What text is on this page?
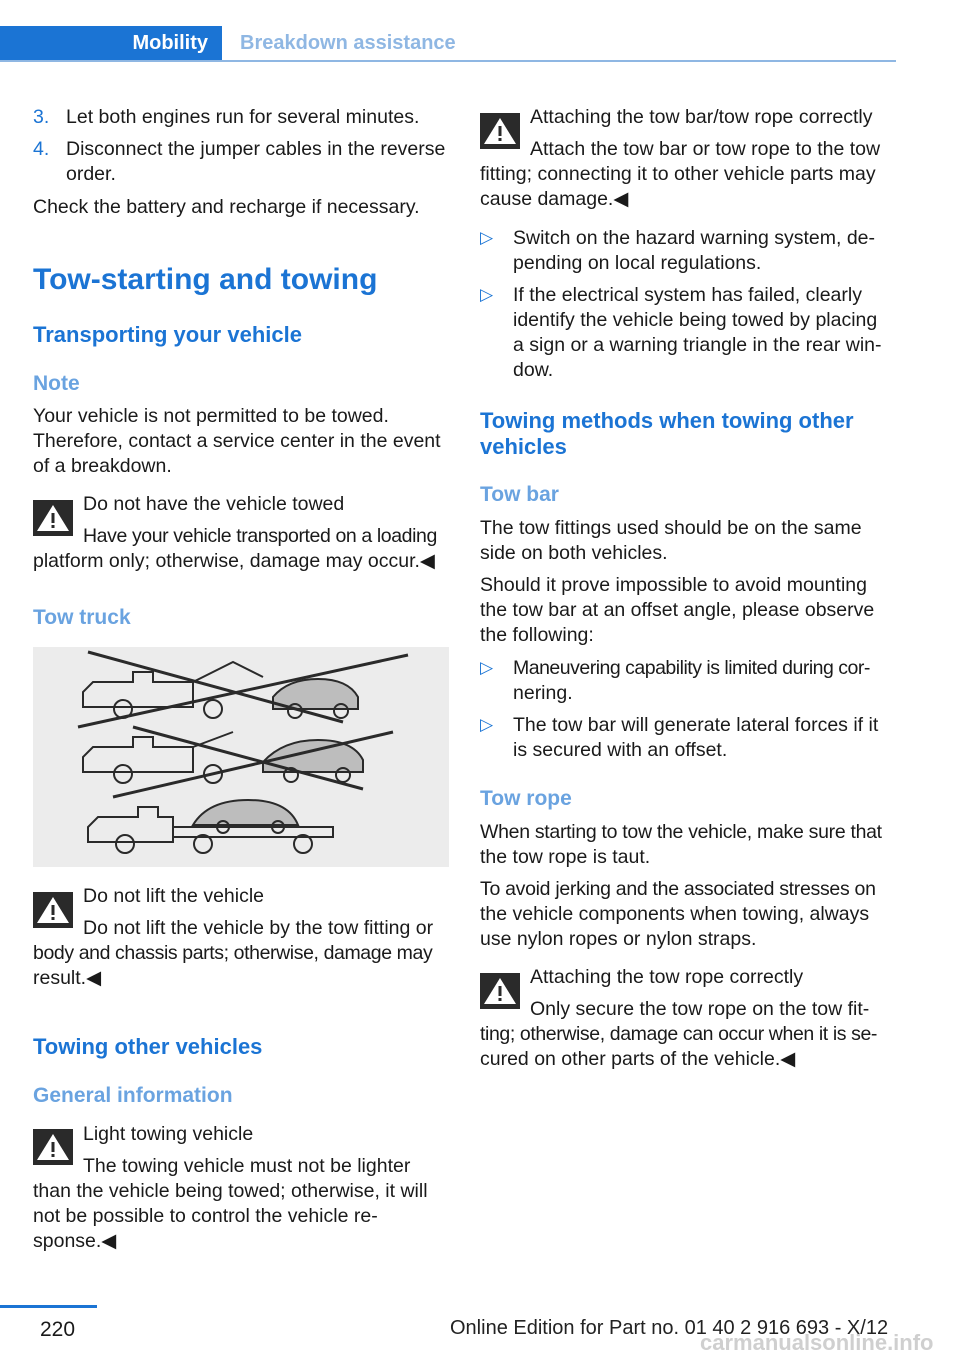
Mobility	Breakdown assistance
3. Let both engines run for several minutes.
4. Disconnect the jumper cables in the reverse
order.
Check the battery and recharge if necessary.
Tow-starting and towing
Transporting your vehicle
Note
Your vehicle is not permitted to be towed.
Therefore, contact a service center in the event
of a breakdown.
Do not have the vehicle towed
Have your vehicle transported on a loading
platform only; otherwise, damage may occur.◀
Tow truck
Do not lift the vehicle
Do not lift the vehicle by the tow fitting or
body and chassis parts; otherwise, damage may
result.◀
Towing other vehicles
General information
Light towing vehicle
The towing vehicle must not be lighter
than the vehicle being towed; otherwise, it will
not be possible to control the vehicle re-
sponse.◀
Attaching the tow bar/tow rope correctly
Attach the tow bar or tow rope to the tow
fitting; connecting it to other vehicle parts may
cause damage.◀
▷ Switch on the hazard warning system, de-
pending on local regulations.
▷ If the electrical system has failed, clearly
identify the vehicle being towed by placing
a sign or a warning triangle in the rear win-
dow.
Towing methods when towing other
vehicles
Tow bar
The tow fittings used should be on the same
side on both vehicles.
Should it prove impossible to avoid mounting
the tow bar at an offset angle, please observe
the following:
▷ Maneuvering capability is limited during cor-
nering.
▷ The tow bar will generate lateral forces if it
is secured with an offset.
Tow rope
When starting to tow the vehicle, make sure that
the tow rope is taut.
To avoid jerking and the associated stresses on
the vehicle components when towing, always
use nylon ropes or nylon straps.
Attaching the tow rope correctly
Only secure the tow rope on the tow fit-
ting; otherwise, damage can occur when it is se-
cured on other parts of the vehicle.◀
220	Online Edition for Part no. 01 40 2 916 693 - X/12
carmanualsonline.info
